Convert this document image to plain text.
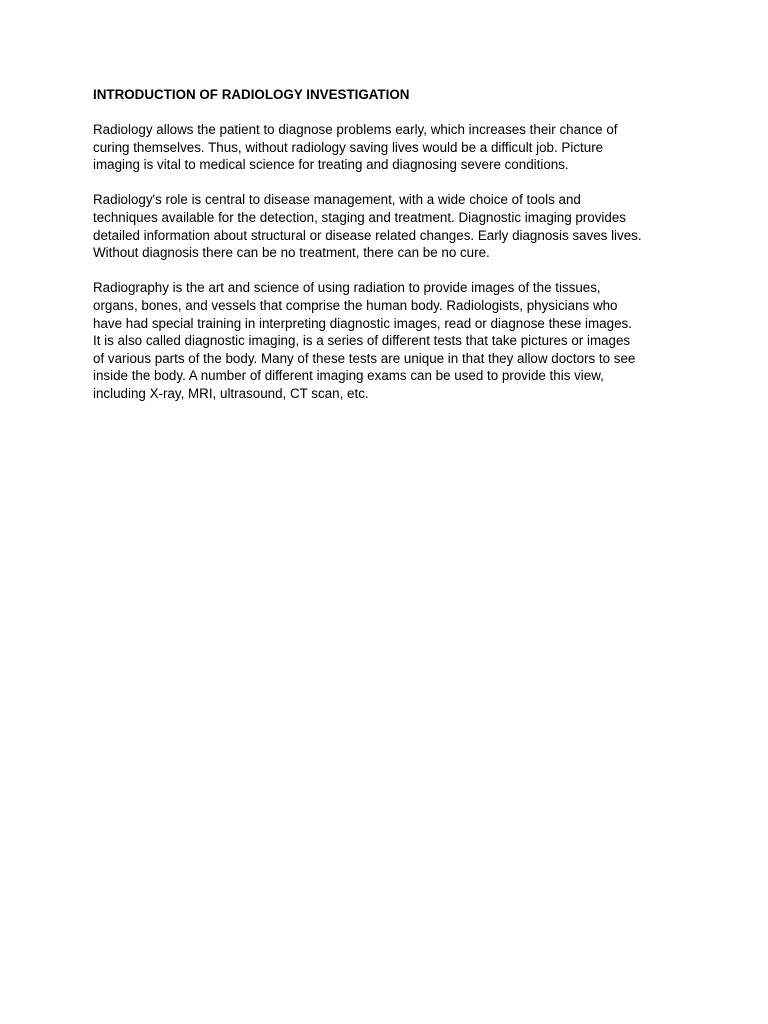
INTRODUCTION OF RADIOLOGY INVESTIGATION

Radiology allows the patient to diagnose problems early, which increases their chance of
curing themselves. Thus, without radiology saving lives would be a difficult job. Picture
imaging is vital to medical science for treating and diagnosing severe conditions.

Radiology's role is central to disease management, with a wide choice of tools and
techniques available for the detection, staging and treatment. Diagnostic imaging provides
detailed information about structural or disease related changes. Early diagnosis saves lives.
Without diagnosis there can be no treatment, there can be no cure.

Radiography is the art and science of using radiation to provide images of the tissues,
organs, bones, and vessels that comprise the human body. Radiologists, physicians who
have had special training in interpreting diagnostic images, read or diagnose these images.
It is also called diagnostic imaging, is a series of different tests that take pictures or images
of various parts of the body. Many of these tests are unique in that they allow doctors to see
inside the body. A number of different imaging exams can be used to provide this view,
including X-ray, MRI, ultrasound, CT scan, etc.
